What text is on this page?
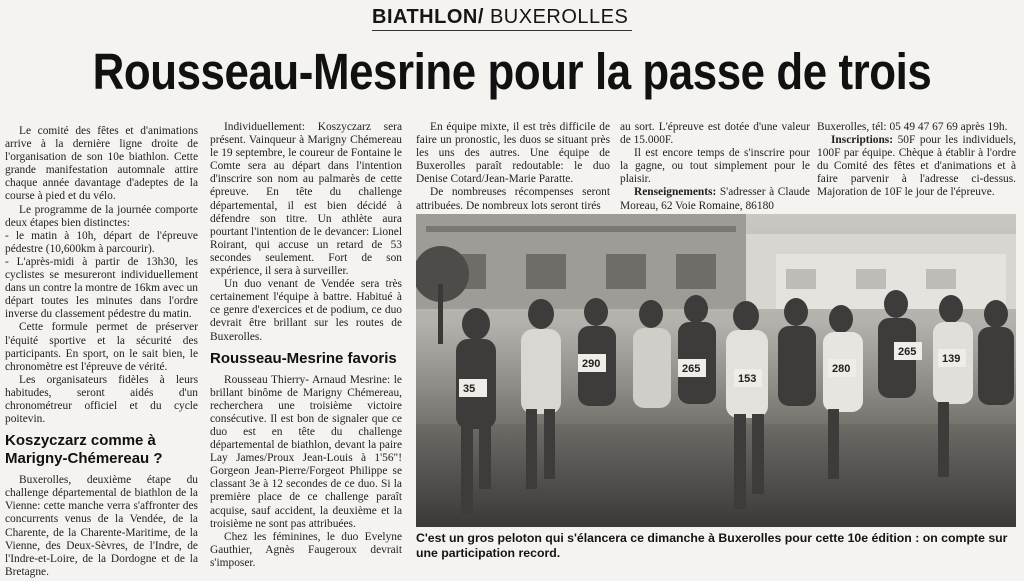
BIATHLON/ BUXEROLLES
Rousseau-Mesrine pour la passe de trois

Le comité des fêtes et d'animations arrive à la dernière ligne droite de l'organisation de son 10e biathlon. Cette grande manifestation automnale attire chaque année davantage d'adeptes de la course à pied et du vélo.

Le programme de la journée comporte deux étapes bien distinctes:

- le matin à 10h, départ de l'épreuve pédestre (10,600km à parcourir).

- L'après-midi à partir de 13h30, les cyclistes se mesureront individuellement dans un contre la montre de 16km avec un départ toutes les minutes dans l'ordre inverse du classement pédestre du matin.

Cette formule permet de préserver l'équité sportive et la sécurité des participants. En sport, on le sait bien, le chronomètre est l'épreuve de vérité.

Les organisateurs fidèles à leurs habitudes, seront aidés d'un chronométreur officiel et du cycle poitevin.

Koszyczarz comme à Marigny-Chémereau ?

Buxerolles, deuxième étape du challenge départemental de biathlon de la Vienne: cette manche verra s'affronter des concurrents venus de la Vendée, de la Charente, de la Charente-Maritime, de la Vienne, des Deux-Sèvres, de l'Indre, de l'Indre-et-Loire, de la Dordogne et de la Bretagne.

Individuellement: Koszyczarz sera présent. Vainqueur à Marigny Chémereau le 19 septembre, le coureur de Fontaine le Comte sera au départ dans l'intention d'inscrire son nom au palmarès de cette épreuve. En tête du challenge départemental, il est bien décidé à défendre son titre. Un athlète aura pourtant l'intention de le devancer: Lionel Roirant, qui accuse un retard de 53 secondes seulement. Fort de son expérience, il sera à surveiller.

Un duo venant de Vendée sera très certainement l'équipe à battre. Habitué à ce genre d'exercices et de podium, ce duo devrait être brillant sur les routes de Buxerolles.

Rousseau-Mesrine favoris

Rousseau Thierry- Arnaud Mesrine: le brillant binôme de Marigny Chémereau, recherchera une troisième victoire consécutive. Il est bon de signaler que ce duo est en tête du challenge départemental de biathlon, devant la paire Lay James/Proux Jean-Louis à 1'56"! Gorgeon Jean-Pierre/Forgeot Philippe se classant 3e à 12 secondes de ce duo. Si la première place de ce challenge paraît acquise, sauf accident, la deuxième et la troisième ne sont pas attribuées.

Chez les féminines, le duo Evelyne Gauthier, Agnès Faugeroux devrait s'imposer.

En équipe mixte, il est très difficile de faire un pronostic, les duos se situant près les uns des autres. Une équipe de Buxerolles paraît redoutable: le duo Denise Cotard/Jean-Marie Paratte.

De nombreuses récompenses seront attribuées. De nombreux lots seront tirés

au sort. L'épreuve est dotée d'une valeur de 15.000F.

Il est encore temps de s'inscrire pour la gagne, ou tout simplement pour le plaisir.

Renseignements: S'adresser à Claude Moreau, 62 Voie Romaine, 86180

Buxerolles, tél: 05 49 47 67 69 après 19h.

Inscriptions: 50F pour les individuels, 100F par équipe. Chèque à établir à l'ordre du Comité des fêtes et d'animations et à faire parvenir à l'adresse ci-dessus. Majoration de 10F le jour de l'épreuve.

35
290
153
280
265
139
265
C'est un gros peloton qui s'élancera ce dimanche à Buxerolles pour cette 10e édition : on compte sur une participation record.
